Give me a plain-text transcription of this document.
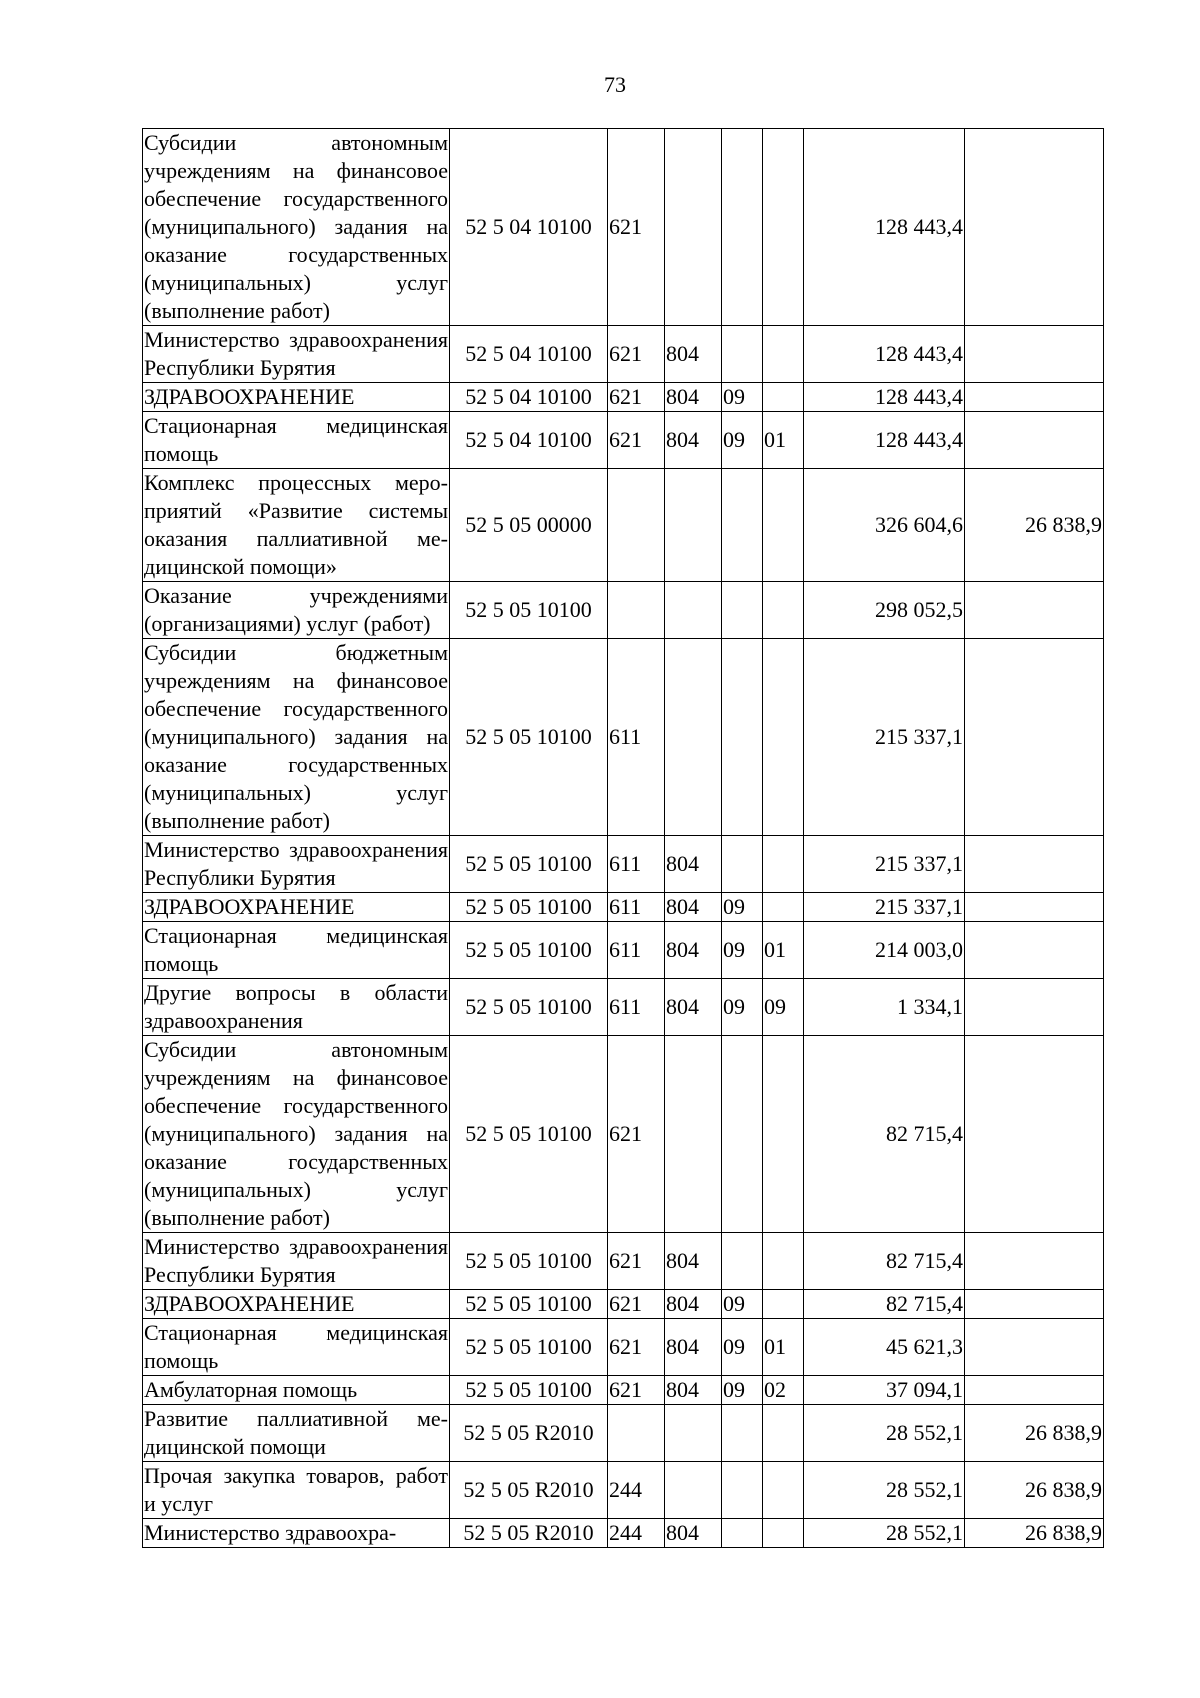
73
Субсидии автономным учреждениям на финансовое обеспечение государственного (муниципального) задания на оказание государственных (муниципальных) услуг (выполнение работ)	52 5 04 10100	621				128 443,4	
Министерство здравоохранения Республики Бурятия	52 5 04 10100	621	804			128 443,4	
ЗДРАВООХРАНЕНИЕ	52 5 04 10100	621	804	09		128 443,4	
Стационарная медицинская помощь	52 5 04 10100	621	804	09	01	128 443,4	
Комплекс процессных мероприятий «Развитие системы оказания паллиативной медицинской помощи»	52 5 05 00000					326 604,6	26 838,9
Оказание учреждениями (организациями) услуг (работ)	52 5 05 10100					298 052,5	
Субсидии бюджетным учреждениям на финансовое обеспечение государственного (муниципального) задания на оказание государственных (муниципальных) услуг (выполнение работ)	52 5 05 10100	611				215 337,1	
Министерство здравоохранения Республики Бурятия	52 5 05 10100	611	804			215 337,1	
ЗДРАВООХРАНЕНИЕ	52 5 05 10100	611	804	09		215 337,1	
Стационарная медицинская помощь	52 5 05 10100	611	804	09	01	214 003,0	
Другие вопросы в области здравоохранения	52 5 05 10100	611	804	09	09	1 334,1	
Субсидии автономным учреждениям на финансовое обеспечение государственного (муниципального) задания на оказание государственных (муниципальных) услуг (выполнение работ)	52 5 05 10100	621				82 715,4	
Министерство здравоохранения Республики Бурятия	52 5 05 10100	621	804			82 715,4	
ЗДРАВООХРАНЕНИЕ	52 5 05 10100	621	804	09		82 715,4	
Стационарная медицинская помощь	52 5 05 10100	621	804	09	01	45 621,3	
Амбулаторная помощь	52 5 05 10100	621	804	09	02	37 094,1	
Развитие паллиативной медицинской помощи	52 5 05 R2010					28 552,1	26 838,9
Прочая закупка товаров, работ и услуг	52 5 05 R2010	244				28 552,1	26 838,9
Министерство здравоохра-	52 5 05 R2010	244	804			28 552,1	26 838,9
